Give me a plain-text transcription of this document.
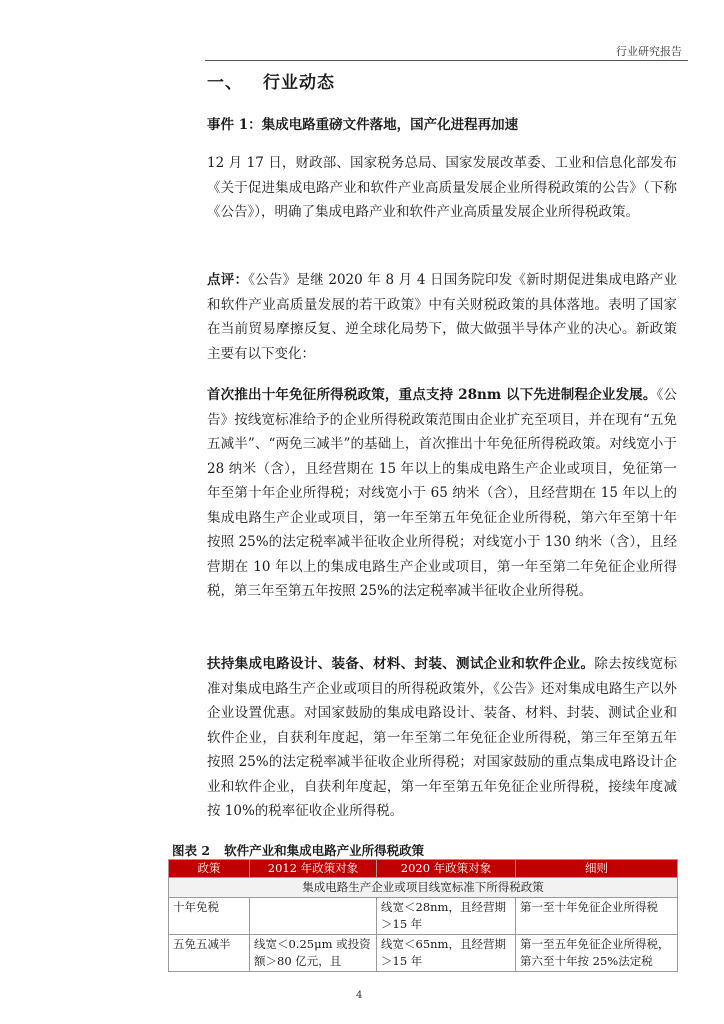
行业研究报告
一、 行业动态
事件 1：集成电路重磅文件落地，国产化进程再加速
12 月 17 日，财政部、国家税务总局、国家发展改革委、工业和信息化部发布《关于促进集成电路产业和软件产业高质量发展企业所得税政策的公告》（下称《公告》），明确了集成电路产业和软件产业高质量发展企业所得税政策。
点评：《公告》是继 2020 年 8 月 4 日国务院印发《新时期促进集成电路产业和软件产业高质量发展的若干政策》中有关财税政策的具体落地。表明了国家在当前贸易摩擦反复、逆全球化局势下，做大做强半导体产业的决心。新政策主要有以下变化：
首次推出十年免征所得税政策，重点支持 28nm 以下先进制程企业发展。《公告》按线宽标准给予的企业所得税政策范围由企业扩充至项目，并在现有“五免五减半”、“两免三减半”的基础上，首次推出十年免征所得税政策。对线宽小于 28 纳米（含），且经营期在 15 年以上的集成电路生产企业或项目，免征第一年至第十年企业所得税；对线宽小于 65 纳米（含），且经营期在 15 年以上的集成电路生产企业或项目，第一年至第五年免征企业所得税，第六年至第十年按照 25%的法定税率减半征收企业所得税；对线宽小于 130 纳米（含），且经营期在 10 年以上的集成电路生产企业或项目，第一年至第二年免征企业所得税，第三年至第五年按照 25%的法定税率减半征收企业所得税。
扶持集成电路设计、装备、材料、封装、测试企业和软件企业。除去按线宽标准对集成电路生产企业或项目的所得税政策外，《公告》还对集成电路生产以外企业设置优惠。对国家鼓励的集成电路设计、装备、材料、封装、测试企业和软件企业，自获利年度起，第一年至第二年免征企业所得税，第三年至第五年按照 25%的法定税率减半征收企业所得税；对国家鼓励的重点集成电路设计企业和软件企业，自获利年度起，第一年至第五年免征企业所得税，接续年度减按 10%的税率征收企业所得税。
图表 2 软件产业和集成电路产业所得税政策
政策	2012 年政策对象	2020 年政策对象	细则
集成电路生产企业或项目线宽标准下所得税政策			
十年免税		线宽＜28nm，且经营期＞15 年	第一至十年免征企业所得税
五免五减半	线宽＜0.25μm 或投资额＞80 亿元，且	线宽＜65nm，且经营期＞15 年	第一至五年免征企业所得税，第六至十年按 25%法定税
4
